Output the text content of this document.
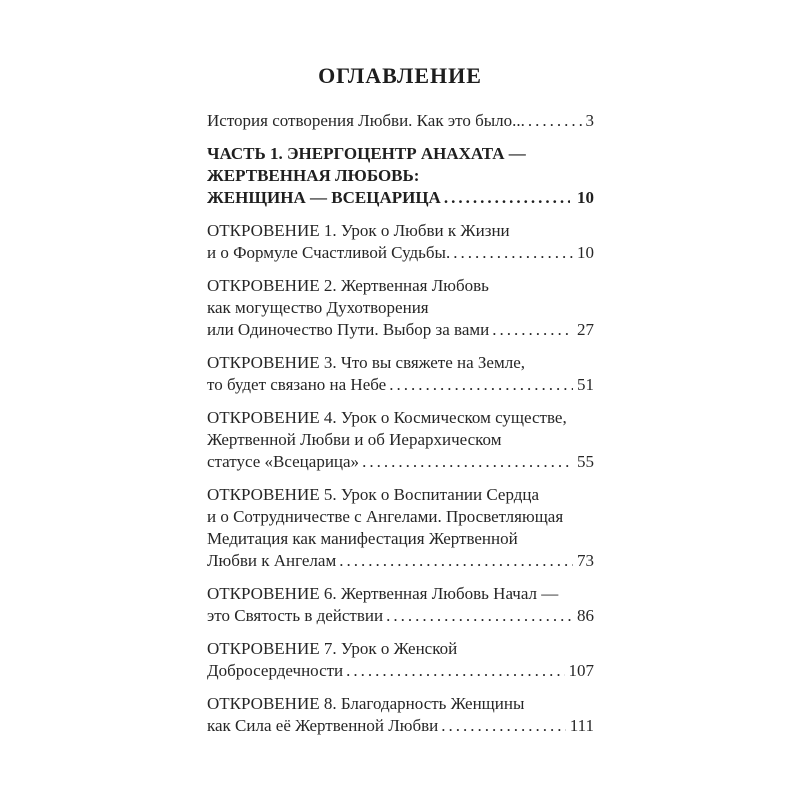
ОГЛАВЛЕНИЕ
История сотворения Любви. Как это было... .....	3
ЧАСТЬ 1. ЭНЕРГОЦЕНТР АНАХАТА —
ЖЕРТВЕННАЯ ЛЮБОВЬ:
ЖЕНЩИНА — ВСЕЦАРИЦА .....	10
ОТКРОВЕНИЕ 1. Урок о Любви к Жизни
и о Формуле Счастливой Судьбы. .....	10
ОТКРОВЕНИЕ 2. Жертвенная Любовь
как могущество Духотворения
или Одиночество Пути. Выбор за вами .....	27
ОТКРОВЕНИЕ 3. Что вы свяжете на Земле,
то будет связано на Небе .....	51
ОТКРОВЕНИЕ 4. Урок о Космическом существе,
Жертвенной Любви и об Иерархическом
статусе «Всецарица» .....	55
ОТКРОВЕНИЕ 5. Урок о Воспитании Сердца
и о Сотрудничестве с Ангелами. Просветляющая
Медитация как манифестация Жертвенной
Любви к Ангелам .....	73
ОТКРОВЕНИЕ 6. Жертвенная Любовь Начал —
это Святость в действии .....	86
ОТКРОВЕНИЕ 7. Урок о Женской
Добросердечности .....	107
ОТКРОВЕНИЕ 8. Благодарность Женщины
как Сила её Жертвенной Любви .....	111
